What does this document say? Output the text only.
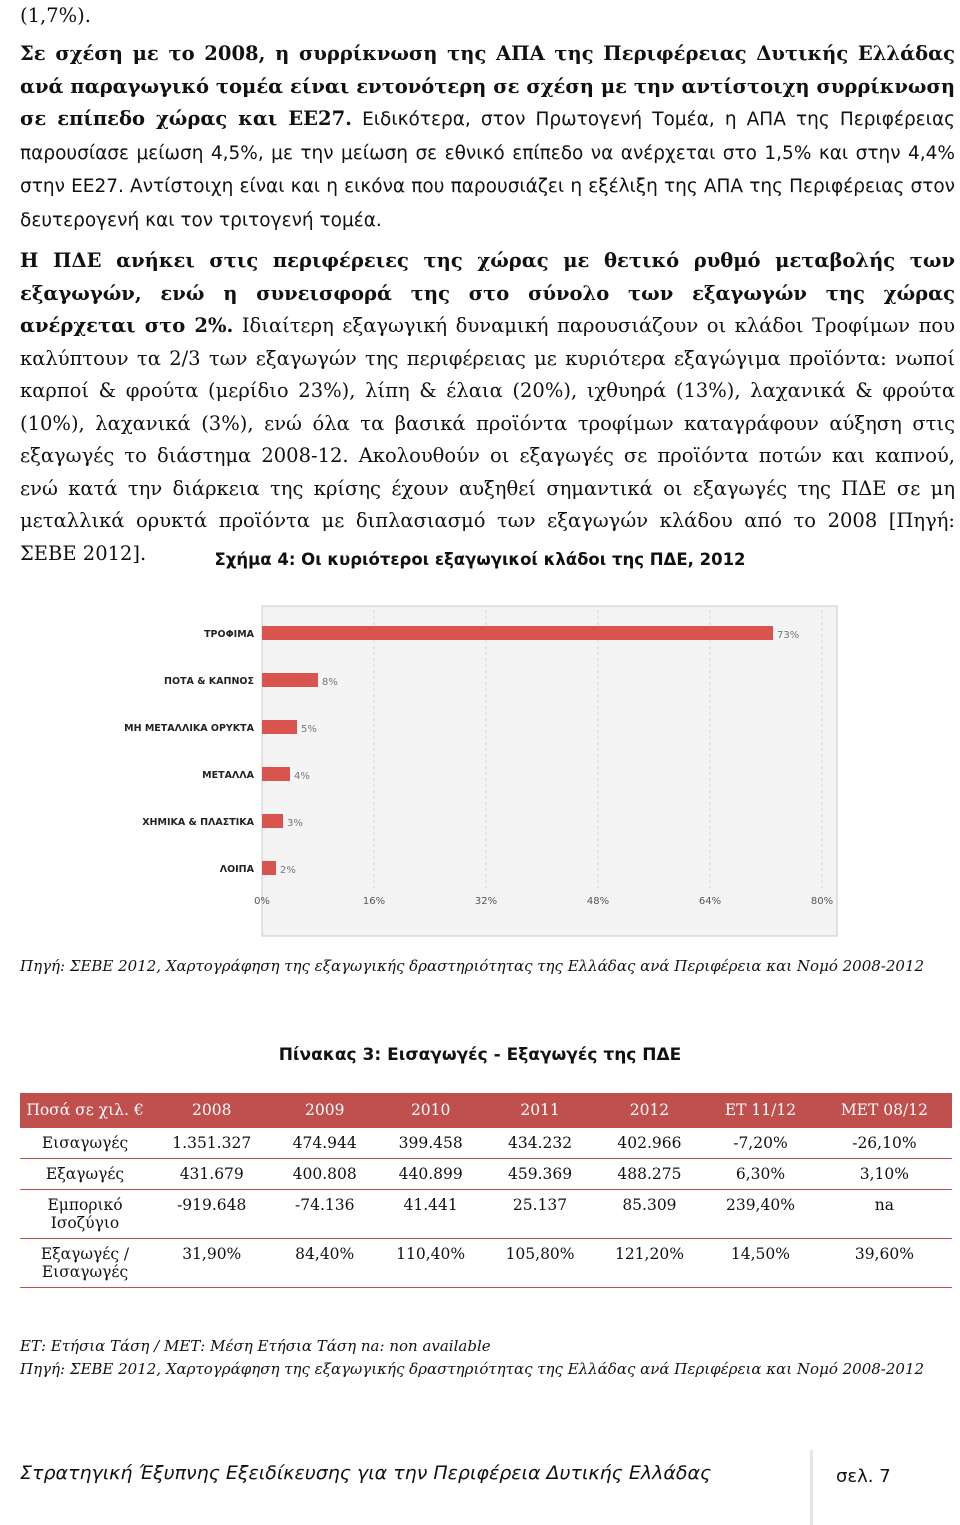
(1,7%).
Σε σχέση με το 2008, η συρρίκνωση της ΑΠΑ της Περιφέρειας Δυτικής Ελλάδας ανά παραγωγικό τομέα είναι εντονότερη σε σχέση με την αντίστοιχη συρρίκνωση σε επίπεδο χώρας και ΕΕ27. Ειδικότερα, στον Πρωτογενή Τομέα, η ΑΠΑ της Περιφέρειας παρουσίασε μείωση 4,5%, με την μείωση σε εθνικό επίπεδο να ανέρχεται στο 1,5% και στην 4,4% στην ΕΕ27. Αντίστοιχη είναι και η εικόνα που παρουσιάζει η εξέλιξη της ΑΠΑ της Περιφέρειας στον δευτερογενή και τον τριτογενή τομέα.
Η ΠΔΕ ανήκει στις περιφέρειες της χώρας με θετικό ρυθμό μεταβολής των εξαγωγών, ενώ η συνεισφορά της στο σύνολο των εξαγωγών της χώρας ανέρχεται στο 2%. Ιδιαίτερη εξαγωγική δυναμική παρουσιάζουν οι κλάδοι Τροφίμων που καλύπτουν τα 2/3 των εξαγωγών της περιφέρειας με κυριότερα εξαγώγιμα προϊόντα: νωποί καρποί & φρούτα (μερίδιο 23%), λίπη & έλαια (20%), ιχθυηρά (13%), λαχανικά & φρούτα (10%), λαχανικά (3%), ενώ όλα τα βασικά προϊόντα τροφίμων καταγράφουν αύξηση στις εξαγωγές το διάστημα 2008-12. Ακολουθούν οι εξαγωγές σε προϊόντα ποτών και καπνού, ενώ κατά την διάρκεια της κρίσης έχουν αυξηθεί σημαντικά οι εξαγωγές της ΠΔΕ σε μη μεταλλικά ορυκτά προϊόντα με διπλασιασμό των εξαγωγών κλάδου από το 2008 [Πηγή: ΣΕΒΕ 2012].	Σχήμα 4: Οι κυριότεροι εξαγωγικοί κλάδοι της ΠΔΕ, 2012
73%
8%
5%
4%
3%
2%
ΤΡΟΦΙΜΑ
ΠΟΤΑ & ΚΑΠΝΟΣ
ΜΗ ΜΕΤΑΛΛΙΚΑ ΟΡΥΚΤΑ
ΜΕΤΑΛΛΑ
ΧΗΜΙΚΑ & ΠΛΑΣΤΙΚΑ
ΛΟΙΠΑ
0%	16%	32%	48%	64%	80%
Πηγή: ΣΕΒΕ 2012, Χαρτογράφηση της εξαγωγικής δραστηριότητας της Ελλάδας ανά Περιφέρεια και Νομό 2008-2012
Πίνακας 3: Εισαγωγές - Εξαγωγές της ΠΔΕ
Ποσά σε χιλ. €	2008	2009	2010	2011	2012	ΕΤ 11/12	ΜΕΤ 08/12
Εισαγωγές	1.351.327	474.944	399.458	434.232	402.966	-7,20%	-26,10%
Εξαγωγές	431.679	400.808	440.899	459.369	488.275	6,30%	3,10%
Εμπορικό Ισοζύγιο	-919.648	-74.136	41.441	25.137	85.309	239,40%	na
Εξαγωγές / Εισαγωγές	31,90%	84,40%	110,40%	105,80%	121,20%	14,50%	39,60%
ΕΤ: Ετήσια Τάση / ΜΕΤ: Μέση Ετήσια Τάση na: non available
Πηγή: ΣΕΒΕ 2012, Χαρτογράφηση της εξαγωγικής δραστηριότητας της Ελλάδας ανά Περιφέρεια και Νομό 2008-2012
Στρατηγική Έξυπνης Εξειδίκευσης για την Περιφέρεια Δυτικής Ελλάδας	σελ. 7
